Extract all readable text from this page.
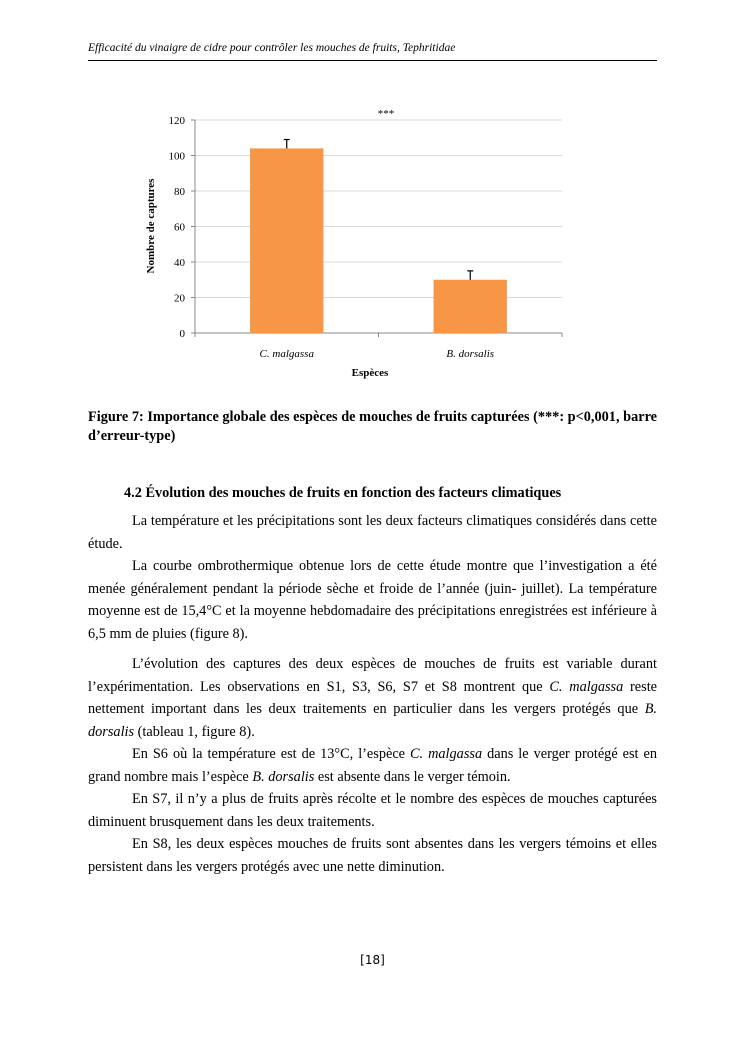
Efficacité du vinaigre de cidre pour contrôler les mouches de fruits, Tephritidae
0
20
40
60
80
100
120
C. malgassa	B. dorsalis
***
Espèces
Nombre de captures
Figure 7: Importance globale des espèces de mouches de fruits capturées (***: p<0,001, barre d’erreur-type)
4.2 Évolution des mouches de fruits en fonction des facteurs climatiques

La température et les précipitations sont les deux facteurs climatiques considérés dans cette étude.

La courbe ombrothermique obtenue lors de cette étude montre que l’investigation a été menée généralement pendant la période sèche et froide de l’année (juin- juillet). La température moyenne est de 15,4°C et la moyenne hebdomadaire des précipitations enregistrées est inférieure à 6,5 mm de pluies (figure 8).

L’évolution des captures des deux espèces de mouches de fruits est variable durant l’expérimentation. Les observations en S1, S3, S6, S7 et S8 montrent que C. malgassa reste nettement important dans les deux traitements en particulier dans les vergers protégés que B. dorsalis (tableau 1, figure 8).

En S6 où la température est de 13°C, l’espèce C. malgassa dans le verger protégé est en grand nombre mais l’espèce B. dorsalis est absente dans le verger témoin.

En S7, il n’y a plus de fruits après récolte et le nombre des espèces de mouches capturées diminuent brusquement dans les deux traitements.

En S8, les deux espèces mouches de fruits sont absentes dans les vergers témoins et elles persistent dans les vergers protégés avec une nette diminution.

[18]
